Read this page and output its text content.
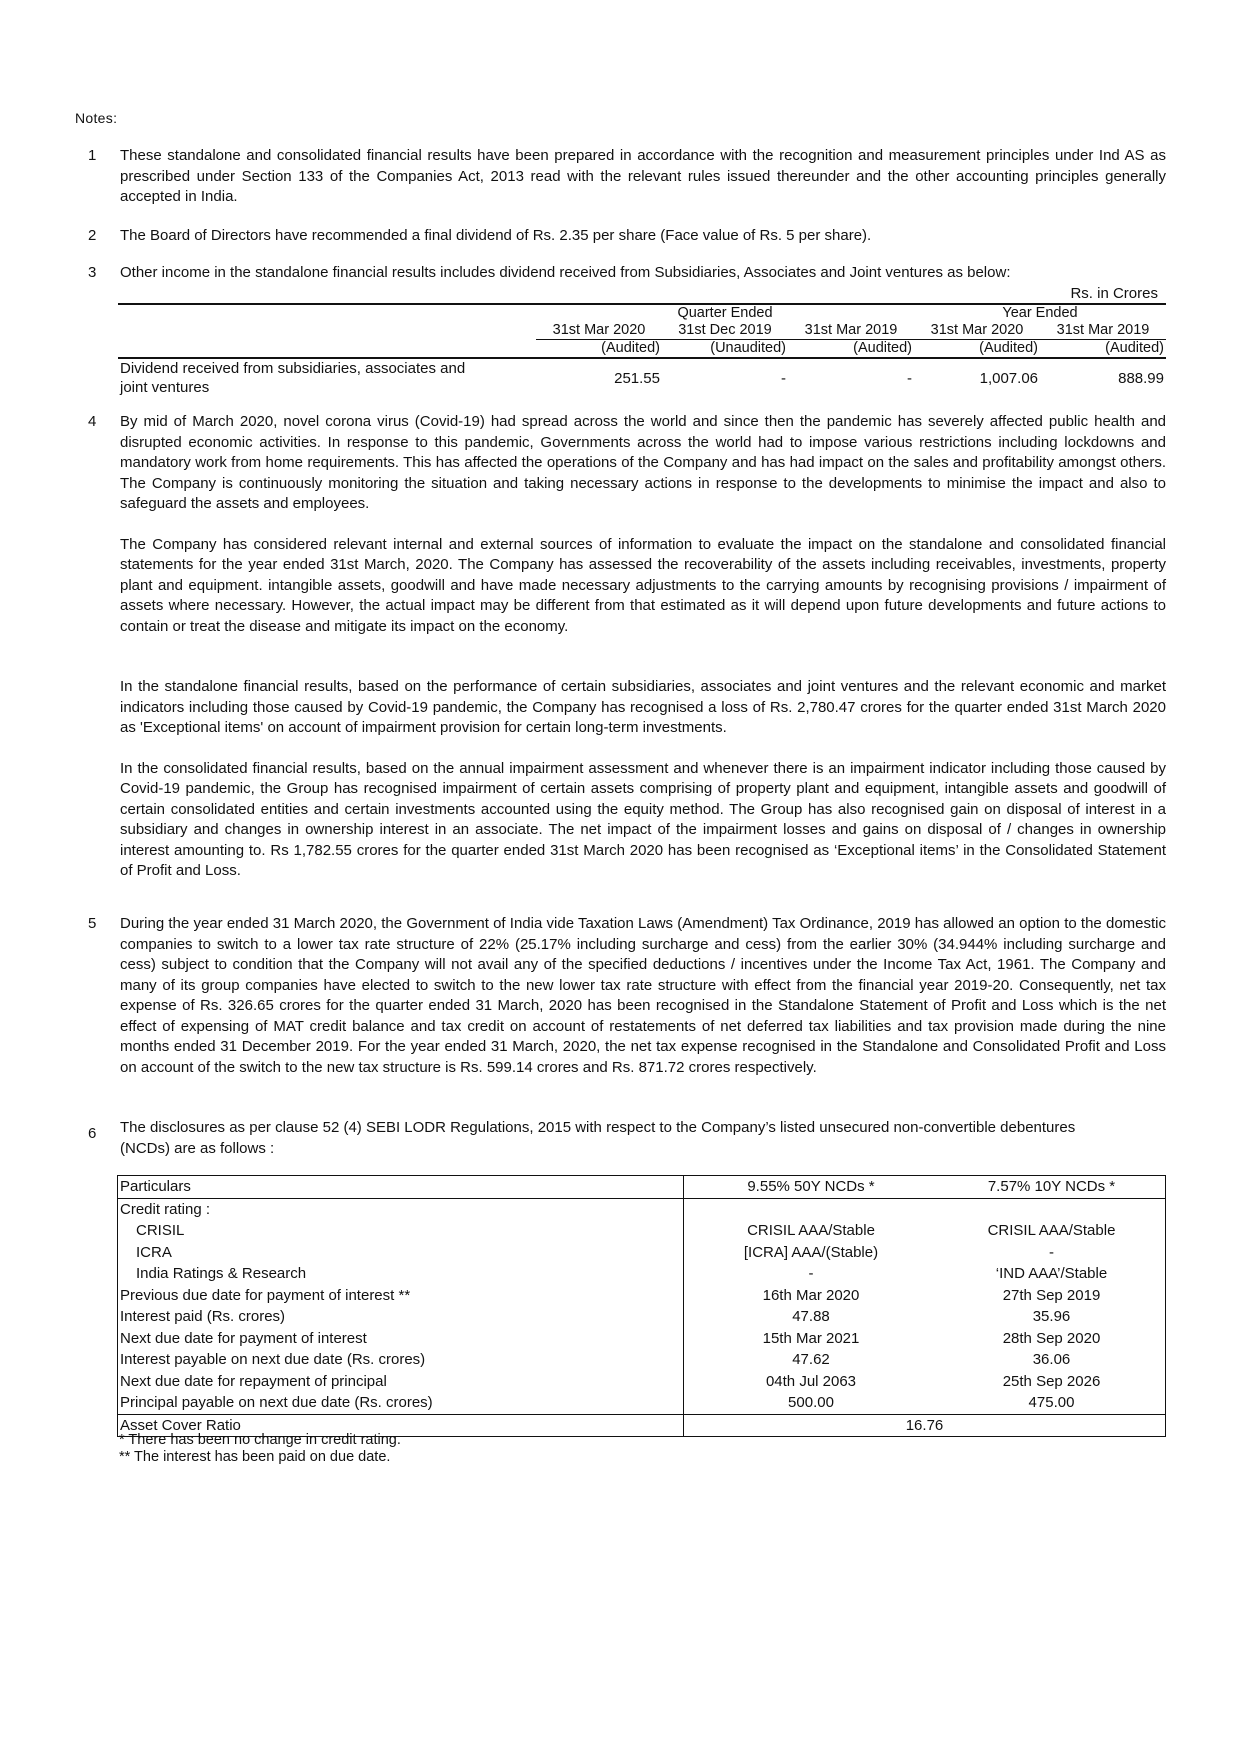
Notes:
1	These standalone and consolidated financial results have been prepared in accordance with the recognition and measurement principles under Ind AS as prescribed under Section 133 of the Companies Act, 2013 read with the relevant rules issued thereunder and the other accounting principles generally accepted in India.

2	The Board of Directors have recommended a final dividend of Rs. 2.35 per share (Face value of Rs. 5 per share).

3	Other income in the standalone financial results includes dividend received from Subsidiaries, Associates and Joint ventures as below:

Rs. in Crores
	Quarter Ended			Year Ended	
	31st Mar 2020	31st Dec 2019	31st Mar 2019	31st Mar 2020	31st Mar 2019
	(Audited)	(Unaudited)	(Audited)	(Audited)	(Audited)

Dividend received from subsidiaries, associates and
joint ventures	251.55	-	-	1,007.06	888.99
4	By mid of March 2020, novel corona virus (Covid-19) had spread across the world and since then the pandemic has severely affected public health and disrupted economic activities. In response to this pandemic, Governments across the world had to impose various restrictions including lockdowns and mandatory work from home requirements. This has affected the operations of the Company and has had impact on the sales and profitability amongst others. The Company is continuously monitoring the situation and taking necessary actions in response to the developments to minimise the impact and also to safeguard the assets and employees.

The Company has considered relevant internal and external sources of information to evaluate the impact on the standalone and consolidated financial statements for the year ended 31st March, 2020. The Company has assessed the recoverability of the assets including receivables, investments, property plant and equipment. intangible assets, goodwill and have made necessary adjustments to the carrying amounts by recognising provisions / impairment of assets where necessary. However, the actual impact may be different from that estimated as it will depend upon future developments and future actions to contain or treat the disease and mitigate its impact on the economy.

In the standalone financial results, based on the performance of certain subsidiaries, associates and joint ventures and the relevant economic and market indicators including those caused by Covid-19 pandemic, the Company has recognised a loss of Rs. 2,780.47 crores for the quarter ended 31st March 2020 as 'Exceptional items' on account of impairment provision for certain long-term investments.

In the consolidated financial results, based on the annual impairment assessment and whenever there is an impairment indicator including those caused by Covid-19 pandemic, the Group has recognised impairment of certain assets comprising of property plant and equipment, intangible assets and goodwill of certain consolidated entities and certain investments accounted using the equity method. The Group has also recognised gain on disposal of interest in a subsidiary and changes in ownership interest in an associate. The net impact of the impairment losses and gains on disposal of / changes in ownership interest amounting to. Rs 1,782.55 crores for the quarter ended 31st March 2020 has been recognised as ‘Exceptional items’ in the Consolidated Statement of Profit and Loss.

5	During the year ended 31 March 2020, the Government of India vide Taxation Laws (Amendment) Tax Ordinance, 2019 has allowed an option to the domestic companies to switch to a lower tax rate structure of 22% (25.17% including surcharge and cess) from the earlier 30% (34.944% including surcharge and cess) subject to condition that the Company will not avail any of the specified deductions / incentives under the Income Tax Act, 1961. The Company and many of its group companies have elected to switch to the new lower tax rate structure with effect from the financial year 2019-20. Consequently, net tax expense of Rs. 326.65 crores for the quarter ended 31 March, 2020 has been recognised in the Standalone Statement of Profit and Loss which is the net effect of expensing of MAT credit balance and tax credit on account of restatements of net deferred tax liabilities and tax provision made during the nine months ended 31 December 2019. For the year ended 31 March, 2020, the net tax expense recognised in the Standalone and Consolidated Profit and Loss on account of the switch to the new tax structure is Rs. 599.14 crores and Rs. 871.72 crores respectively.

6	The disclosures as per clause 52 (4) SEBI LODR Regulations, 2015 with respect to the Company’s listed unsecured non-convertible debentures (NCDs) are as follows :

Particulars	9.55% 50Y NCDs *	7.57% 10Y NCDs *
Credit rating :		
CRISIL	CRISIL AAA/Stable	CRISIL AAA/Stable
ICRA	[ICRA] AAA/(Stable)	-
India Ratings & Research	-	‘IND AAA’/Stable
Previous due date for payment of interest **	16th Mar 2020	27th Sep 2019
Interest paid (Rs. crores)	47.88	35.96
Next due date for payment of interest	15th Mar 2021	28th Sep 2020
Interest payable on next due date (Rs. crores)	47.62	36.06
Next due date for repayment of principal	04th Jul 2063	25th Sep 2026
Principal payable on next due date (Rs. crores)	500.00	475.00
Asset Cover Ratio	16.76	
* There has been no change in credit rating.
** The interest has been paid on due date.
